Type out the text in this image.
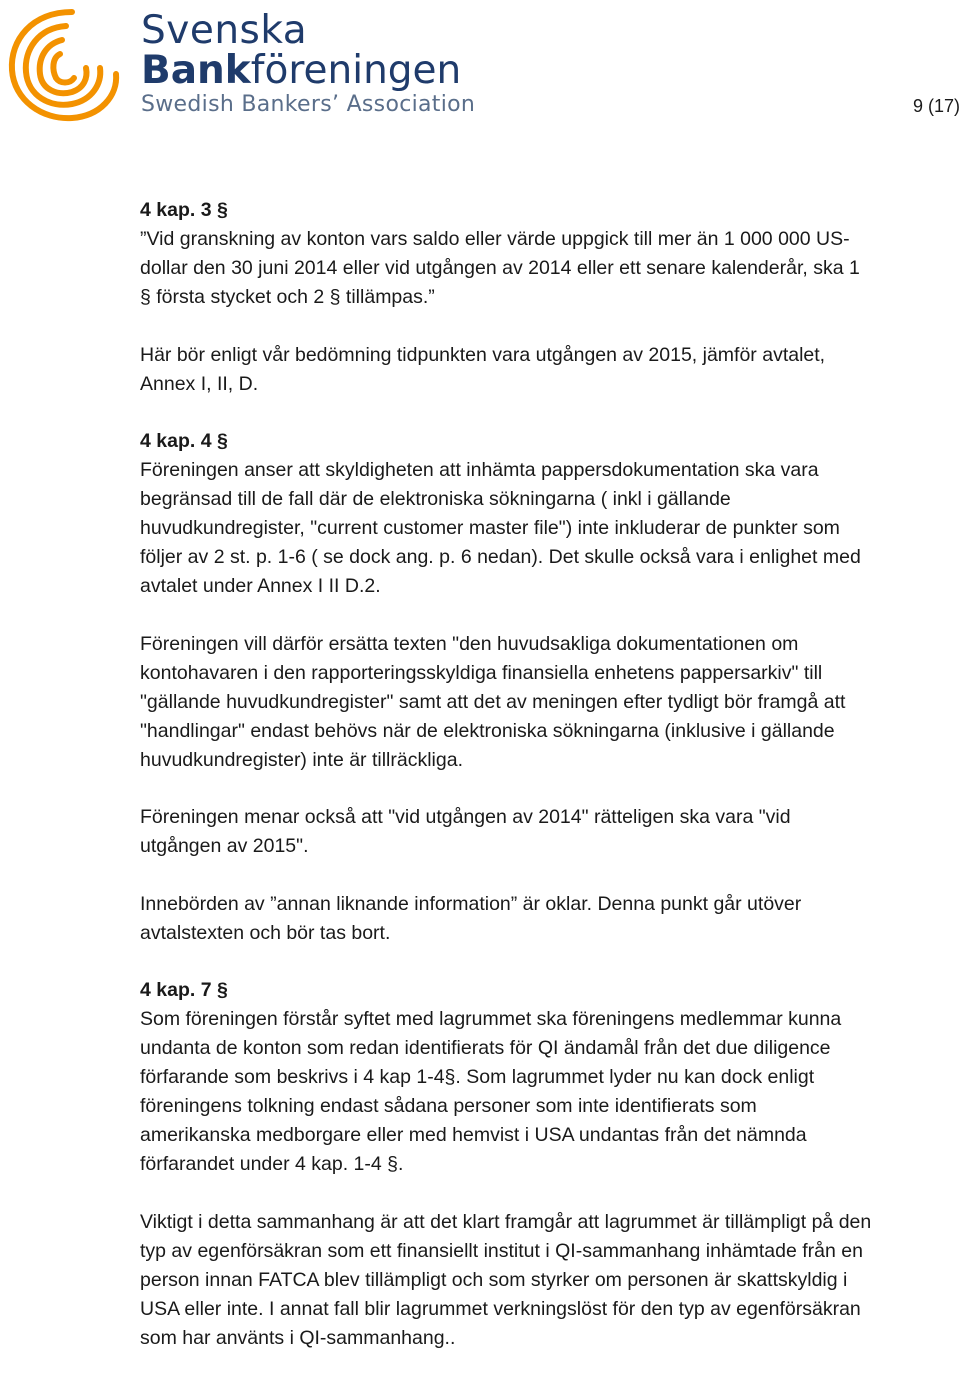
Svenska
Bankföreningen
Swedish Bankers’ Association	9 (17)
4 kap. 3 §
”Vid granskning av konton vars saldo eller värde uppgick till mer än 1 000 000 US-
dollar den 30 juni 2014 eller vid utgången av 2014 eller ett senare kalenderår, ska 1
§ första stycket och 2 § tillämpas.”
Här bör enligt vår bedömning tidpunkten vara utgången av 2015, jämför avtalet,
Annex I, II, D.
4 kap. 4 §
Föreningen anser att skyldigheten att inhämta pappersdokumentation ska vara
begränsad till de fall där de elektroniska sökningarna ( inkl i gällande
huvudkundregister, "current customer master file") inte inkluderar de punkter som
följer av 2 st. p. 1-6 ( se dock ang. p. 6 nedan). Det skulle också vara i enlighet med
avtalet under Annex I II D.2.
Föreningen vill därför ersätta texten "den huvudsakliga dokumentationen om
kontohavaren i den rapporteringsskyldiga finansiella enhetens pappersarkiv" till
"gällande huvudkundregister" samt att det av meningen efter tydligt bör framgå att
"handlingar" endast behövs när de elektroniska sökningarna (inklusive i gällande
huvudkundregister) inte är tillräckliga.
Föreningen menar också att "vid utgången av 2014" rätteligen ska vara "vid
utgången av 2015".
Innebörden av ”annan liknande information” är oklar. Denna punkt går utöver
avtalstexten och bör tas bort.
4 kap. 7 §
Som föreningen förstår syftet med lagrummet ska föreningens medlemmar kunna
undanta de konton som redan identifierats för QI ändamål från det due diligence
förfarande som beskrivs i 4 kap 1-4§. Som lagrummet lyder nu kan dock enligt
föreningens tolkning endast sådana personer som inte identifierats som
amerikanska medborgare eller med hemvist i USA undantas från det nämnda
förfarandet under 4 kap. 1-4 §.
Viktigt i detta sammanhang är att det klart framgår att lagrummet är tillämpligt på den
typ av egenförsäkran som ett finansiellt institut i QI-sammanhang inhämtade från en
person innan FATCA blev tillämpligt och som styrker om personen är skattskyldig i
USA eller inte. I annat fall blir lagrummet verkningslöst för den typ av egenförsäkran
som har använts i QI-sammanhang..
